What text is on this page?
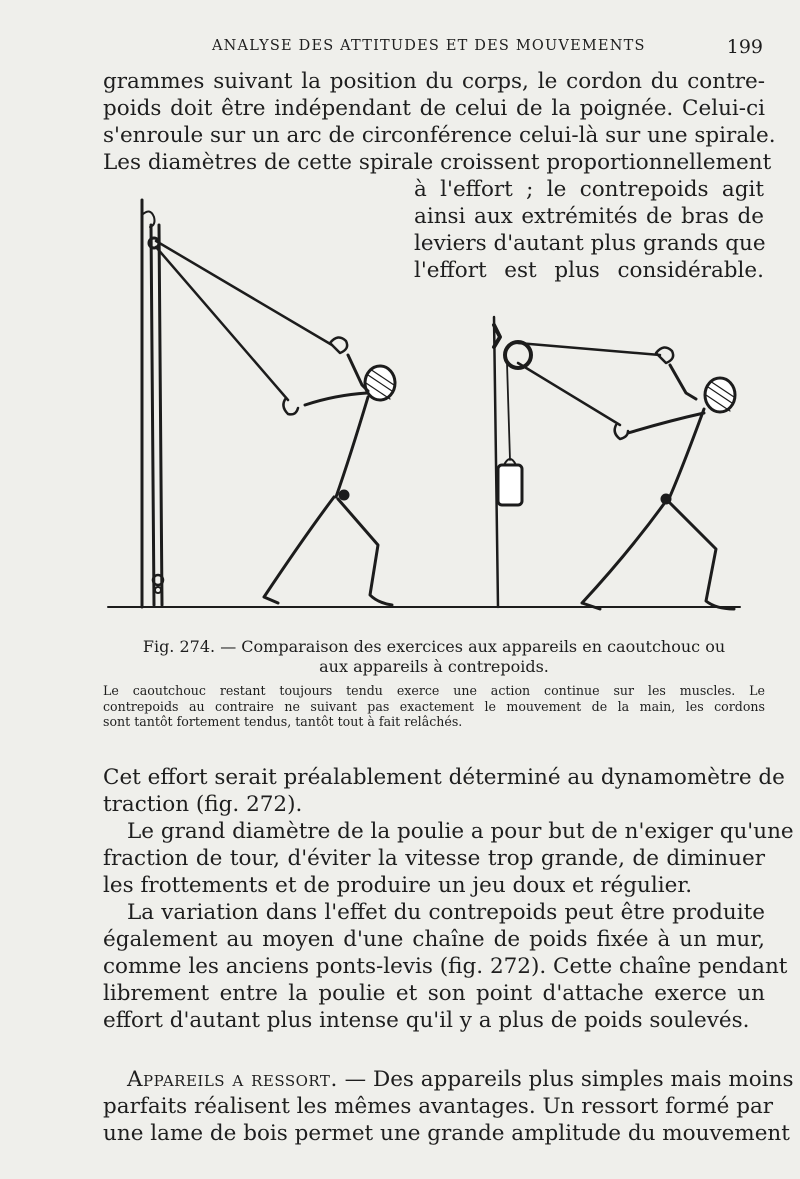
ANALYSE DES ATTITUDES ET DES MOUVEMENTS	199
grammes suivant la position du corps, le cordon du contre-
poids doit être indépendant de celui de la poignée. Celui-ci
s'enroule sur un arc de circonférence celui-là sur une spirale.
Les diamètres de cette spirale croissent proportionnellement
à l'effort ; le contrepoids agit
ainsi aux extrémités de bras de
leviers d'autant plus grands que
l'effort est plus considérable.
Fig. 274. — Comparaison des exercices aux appareils en caoutchouc ou
aux appareils à contrepoids.
Le caoutchouc restant toujours tendu exerce une action continue sur les muscles. Le
contrepoids au contraire ne suivant pas exactement le mouvement de la main, les cordons
sont tantôt fortement tendus, tantôt tout à fait relâchés.
Cet effort serait préalablement déterminé au dynamomètre de
traction (fig. 272).
Le grand diamètre de la poulie a pour but de n'exiger qu'une
fraction de tour, d'éviter la vitesse trop grande, de diminuer
les frottements et de produire un jeu doux et régulier.
La variation dans l'effet du contrepoids peut être produite
également au moyen d'une chaîne de poids fixée à un mur,
comme les anciens ponts-levis (fig. 272). Cette chaîne pendant
librement entre la poulie et son point d'attache exerce un
effort d'autant plus intense qu'il y a plus de poids soulevés.
Appareils a ressort. — Des appareils plus simples mais moins
parfaits réalisent les mêmes avantages. Un ressort formé par
une lame de bois permet une grande amplitude du mouvement
